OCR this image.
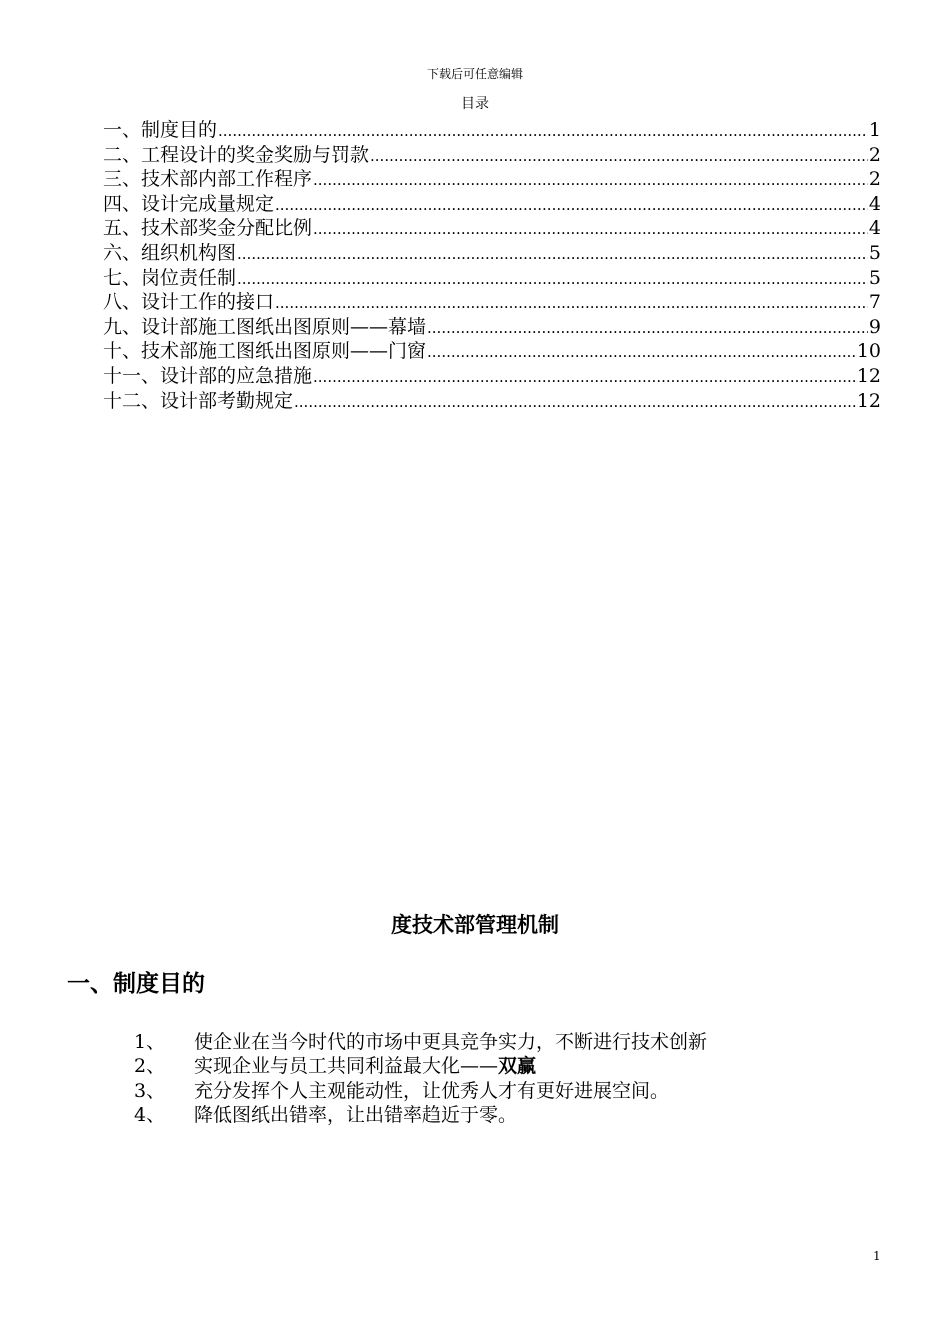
下载后可任意编辑
目录
一、制度目的 .....	1
二、工程设计的奖金奖励与罚款 .....	2
三、技术部内部工作程序 .....	2
四、设计完成量规定 .....	4
五、技术部奖金分配比例 .....	4
六、组织机构图 .....	5
七、岗位责任制 .....	5
八、设计工作的接口 .....	7
九、设计部施工图纸出图原则——幕墙 .....	9
十、技术部施工图纸出图原则——门窗 .....	10
十一、设计部的应急措施 .....	12
十二、设计部考勤规定 .....	12
度技术部管理机制
一、制度目的
1、	使企业在当今时代的市场中更具竞争实力，不断进行技术创新
2、	实现企业与员工共同利益最大化—— 双赢
3、	充分发挥个人主观能动性，让优秀人才有更好进展空间。
4、	降低图纸出错率，让出错率趋近于零。
1
